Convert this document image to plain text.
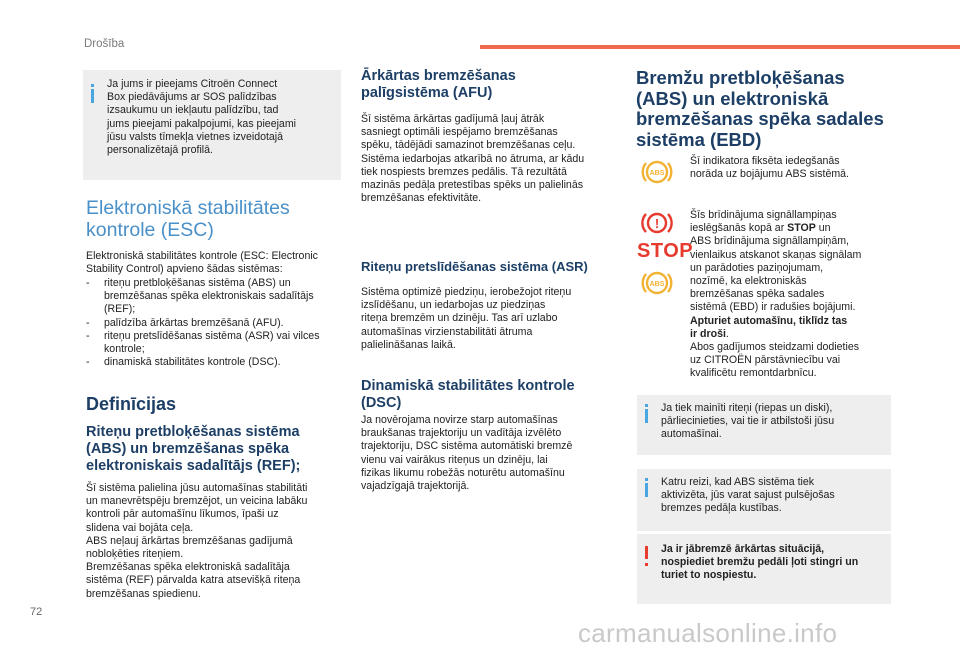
Drošība
Ja jums ir pieejams Citroën Connect
Box piedāvājums ar SOS palīdzības
izsaukumu un iekļautu palīdzību, tad
jums pieejami pakalpojumi, kas pieejami
jūsu valsts tīmekļa vietnes izveidotajā
personalizētajā profilā.
Elektroniskā stabilitātes
kontrole (ESC)
Elektroniskā stabilitātes kontrole (ESC: Electronic
Stability Control) apvieno šādas sistēmas:
- riteņu pretbloķēšanas sistēma (ABS) un
bremzēšanas spēka elektroniskais sadalītājs
(REF);
- palīdzība ārkārtas bremzēšanā (AFU).
- riteņu pretslīdēšanas sistēma (ASR) vai vilces
kontrole;
- dinamiskā stabilitātes kontrole (DSC).
Definīcijas
Riteņu pretbloķēšanas sistēma
(ABS) un bremzēšanas spēka
elektroniskais sadalītājs (REF);
Šī sistēma palielina jūsu automašīnas stabilitāti
un manevrētspēju bremzējot, un veicina labāku
kontroli pār automašīnu līkumos, īpaši uz
slidena vai bojāta ceļa.
ABS neļauj ārkārtas bremzēšanas gadījumā
nobloķēties riteņiem.
Bremzēšanas spēka elektroniskā sadalītāja
sistēma (REF) pārvalda katra atsevišķā riteņa
bremzēšanas spiedienu.
Ārkārtas bremzēšanas
palīgsistēma (AFU)
Šī sistēma ārkārtas gadījumā ļauj ātrāk
sasniegt optimāli iespējamo bremzēšanas
spēku, tādējādi samazinot bremzēšanas ceļu.
Sistēma iedarbojas atkarībā no ātruma, ar kādu
tiek nospiests bremzes pedālis. Tā rezultātā
mazinās pedāļa pretestības spēks un palielinās
bremzēšanas efektivitāte.
Riteņu pretslīdēšanas sistēma (ASR)
Sistēma optimizē piedziņu, ierobežojot riteņu
izslīdēšanu, un iedarbojas uz piedziņas
riteņa bremzēm un dzinēju. Tas arī uzlabo
automašīnas virzienstabilitāti ātruma
palielināšanas laikā.
Dinamiskā stabilitātes kontrole
(DSC)
Ja novērojama novirze starp automašīnas
braukšanas trajektoriju un vadītāja izvēlēto
trajektoriju, DSC sistēma automātiski bremzē
vienu vai vairākus riteņus un dzinēju, lai
fizikas likumu robežās noturētu automašīnu
vajadzīgajā trajektorijā.
Bremžu pretbloķēšanas
(ABS) un elektroniskā
bremzēšanas spēka sadales
sistēma (EBD)
ABS
Šī indikatora fiksēta iedegšanās
norāda uz bojājumu ABS sistēmā.
!
STOP
ABS
Šīs brīdinājuma signāllampiņas
ieslēgšanās kopā ar STOP un
ABS brīdinājuma signāllampiņām,
vienlaikus atskanot skaņas signālam
un parādoties paziņojumam,
nozīmē, ka elektroniskās
bremzēšanas spēka sadales
sistēmā (EBD) ir radušies bojājumi.
Apturiet automašīnu, tiklīdz tas
ir droši.
Abos gadījumos steidzami dodieties
uz CITROËN pārstāvniecību vai
kvalificētu remontdarbnīcu.
Ja tiek mainīti riteņi (riepas un diski),
pārliecinieties, vai tie ir atbilstoši jūsu
automašīnai.
Katru reizi, kad ABS sistēma tiek
aktivizēta, jūs varat sajust pulsējošas
bremzes pedāļa kustības.
Ja ir jābremzē ārkārtas situācijā,
nospiediet bremžu pedāli ļoti stingri un
turiet to nospiestu.
72
carmanualsonline.info
